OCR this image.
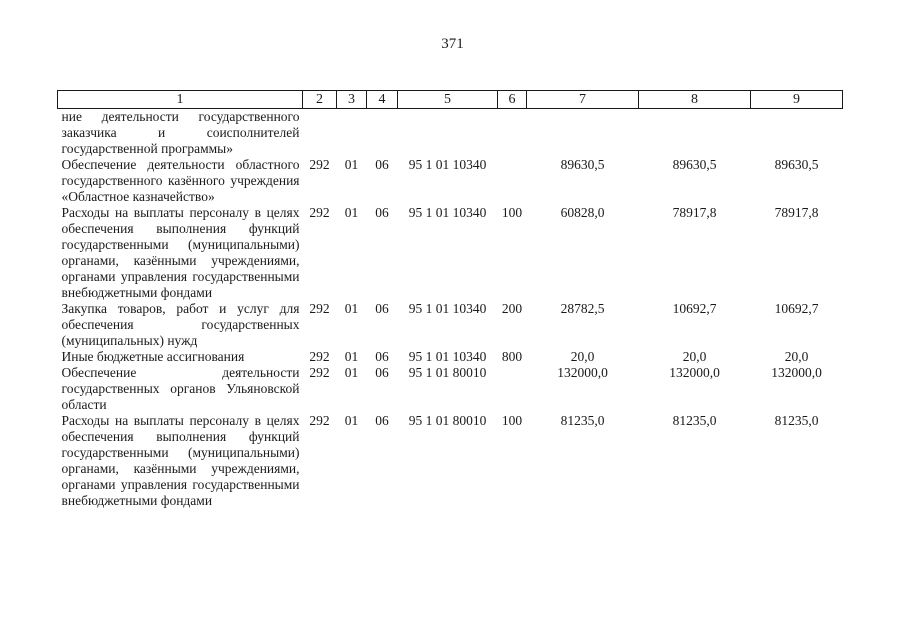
371
1	2	3	4	5	6	7	8	9
ние деятельности государственного заказчика и соисполнителей государственной программы»								
Обеспечение деятельности областного государственного казённого учреждения «Областное казначейство»	292	01	06	95 1 01 10340		89630,5	89630,5	89630,5
Расходы на выплаты персоналу в целях обеспечения выполнения функций государственными (муниципальными) органами, казёнными учреждениями, органами управления государственными внебюджетными фондами	292	01	06	95 1 01 10340	100	60828,0	78917,8	78917,8
Закупка товаров, работ и услуг для обеспечения государственных (муниципальных) нужд	292	01	06	95 1 01 10340	200	28782,5	10692,7	10692,7
Иные бюджетные ассигнования	292	01	06	95 1 01 10340	800	20,0	20,0	20,0
Обеспечение деятельности государственных органов Ульяновской области	292	01	06	95 1 01 80010		132000,0	132000,0	132000,0
Расходы на выплаты персоналу в целях обеспечения выполнения функций государственными (муниципальными) органами, казёнными учреждениями, органами управления государственными внебюджетными фондами	292	01	06	95 1 01 80010	100	81235,0	81235,0	81235,0
